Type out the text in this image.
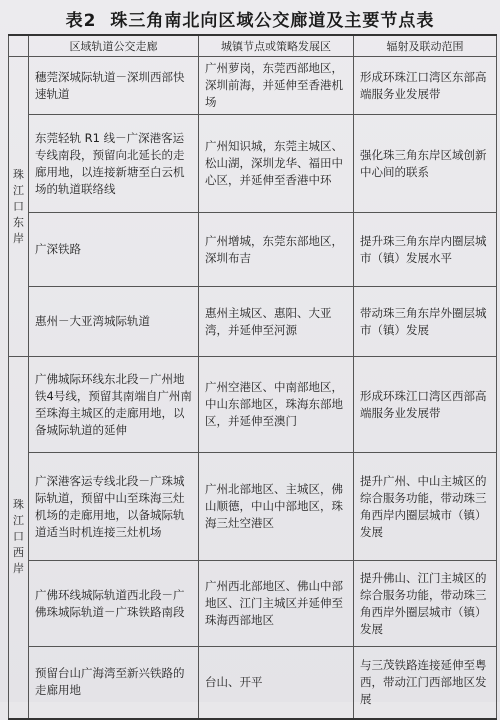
表2 珠三角南北向区域公交廊道及主要节点表
	区域轨道公交走廊	城镇节点或策略发展区	辐射及联动范围

珠江口东岸	穗莞深城际轨道－深圳西部快速轨道	广州萝岗，东莞西部地区，深圳前海，并延伸至香港机场	形成环珠江口湾区东部高端服务业发展带
	东莞轻轨 R1 线－广深港客运专线南段，预留向北延长的走廊用地，以连接新塘至白云机场的轨道联络线	广州知识城，东莞主城区、松山湖，深圳龙华、福田中心区，并延伸至香港中环	强化珠三角东岸区域创新中心间的联系
	广深铁路	广州增城，东莞东部地区，深圳布吉	提升珠三角东岸内圈层城市（镇）发展水平
	惠州－大亚湾城际轨道	惠州主城区、惠阳、大亚湾，并延伸至河源	带动珠三角东岸外圈层城市（镇）发展

珠江口西岸	广佛城际环线东北段－广州地铁4号线，预留其南端自广州南至珠海主城区的走廊用地，以备城际轨道的延伸	广州空港区、中南部地区，中山东部地区，珠海东部地区，并延伸至澳门	形成环珠江口湾区西部高端服务业发展带
	广深港客运专线北段－广珠城际轨道，预留中山至珠海三灶机场的走廊用地，以备城际轨道适当时机连接三灶机场	广州北部地区、主城区，佛山顺德，中山中部地区，珠海三灶空港区	提升广州、中山主城区的综合服务功能，带动珠三角西岸内圈层城市（镇）发展
	广佛环线城际轨道西北段－广佛珠城际轨道－广珠铁路南段	广州西北部地区、佛山中部地区、江门主城区并延伸至珠海西部地区	提升佛山、江门主城区的综合服务功能，带动珠三角西岸外圈层城市（镇）发展
	预留台山广海湾至新兴铁路的走廊用地	台山、开平	与三茂铁路连接延伸至粤西，带动江门西部地区发展
